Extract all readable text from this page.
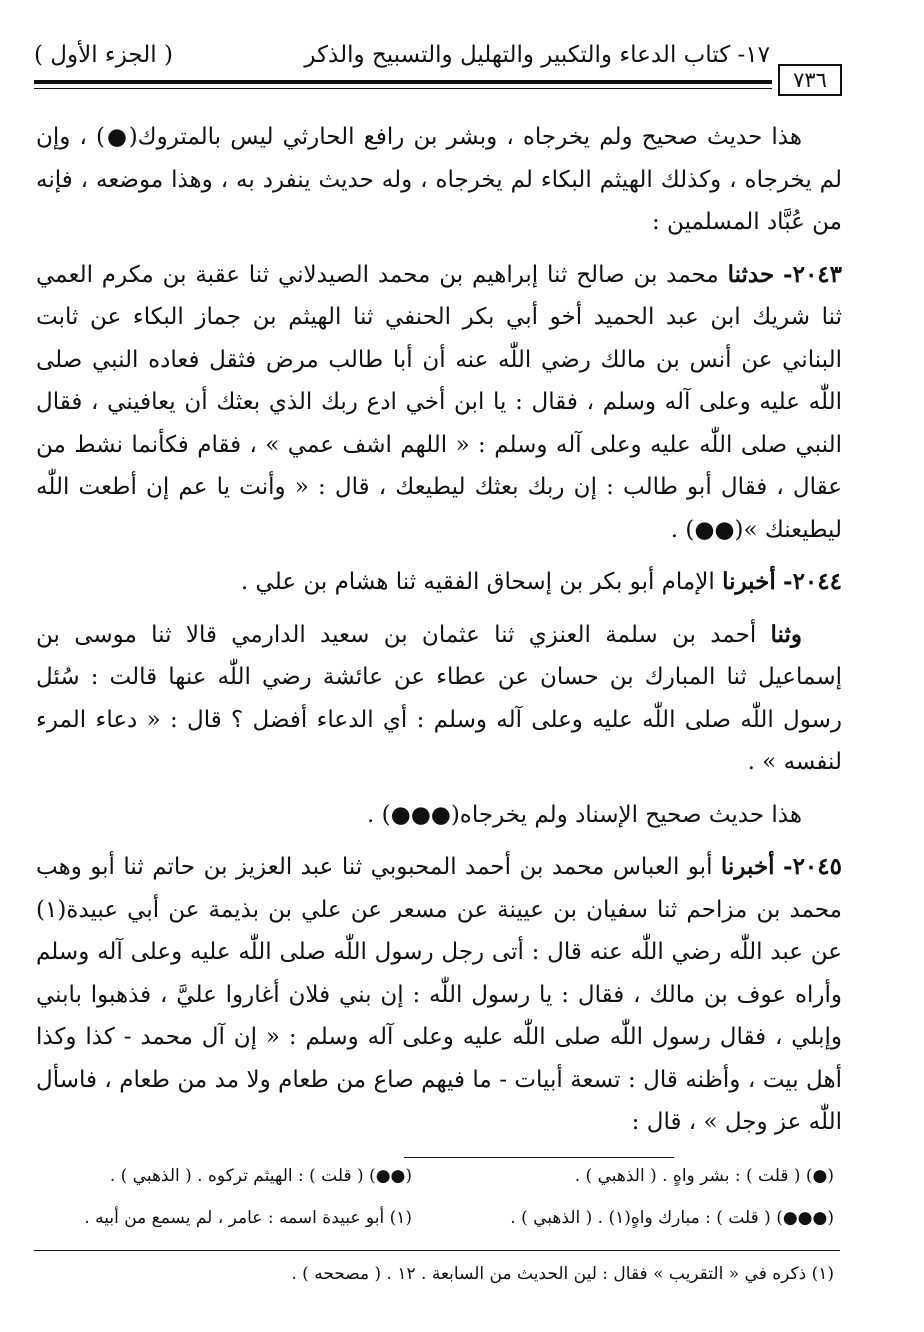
١٧- كتاب الدعاء والتكبير والتهليل والتسبيح والذكر
( الجزء الأول )
٧٣٦

هذا حديث صحيح ولم يخرجاه ، وبشر بن رافع الحارثي ليس بالمتروك(●) ، وإن لم يخرجاه ، وكذلك الهيثم البكاء لم يخرجاه ، وله حديث ينفرد به ، وهذا موضعه ، فإنه من عُبَّاد المسلمين :

٢٠٤٣- حدثنا محمد بن صالح ثنا إبراهيم بن محمد الصيدلاني ثنا عقبة بن مكرم العمي ثنا شريك ابن عبد الحميد أخو أبي بكر الحنفي ثنا الهيثم بن جماز البكاء عن ثابت البناني عن أنس بن مالك رضي اللّٰه عنه أن أبا طالب مرض فثقل فعاده النبي صلى اللّٰه عليه وعلى آله وسلم ، فقال : يا ابن أخي ادع ربك الذي بعثك أن يعافيني ، فقال النبي صلى اللّٰه عليه وعلى آله وسلم : « اللهم اشف عمي » ، فقام فكأنما نشط من عقال ، فقال أبو طالب : إن ربك بعثك ليطيعك ، قال : « وأنت يا عم إن أطعت اللّٰه ليطيعنك »(●●) .

٢٠٤٤- أخبرنا الإمام أبو بكر بن إسحاق الفقيه ثنا هشام بن علي .

وثنا أحمد بن سلمة العنزي ثنا عثمان بن سعيد الدارمي قالا ثنا موسى بن إسماعيل ثنا المبارك بن حسان عن عطاء عن عائشة رضي اللّٰه عنها قالت : سُئل رسول اللّٰه صلى اللّٰه عليه وعلى آله وسلم : أي الدعاء أفضل ؟ قال : « دعاء المرء لنفسه » .

هذا حديث صحيح الإسناد ولم يخرجاه(●●●) .

٢٠٤٥- أخبرنا أبو العباس محمد بن أحمد المحبوبي ثنا عبد العزيز بن حاتم ثنا أبو وهب محمد بن مزاحم ثنا سفيان بن عيينة عن مسعر عن علي بن بذيمة عن أبي عبيدة(١) عن عبد اللّٰه رضي اللّٰه عنه قال : أتى رجل رسول اللّٰه صلى اللّٰه عليه وعلى آله وسلم وأراه عوف بن مالك ، فقال : يا رسول اللّٰه : إن بني فلان أغاروا عليَّ ، فذهبوا بابني وإبلي ، فقال رسول اللّٰه صلى اللّٰه عليه وعلى آله وسلم : « إن آل محمد - كذا وكذا أهل بيت ، وأظنه قال : تسعة أبيات - ما فيهم صاع من طعام ولا مد من طعام ، فاسأل اللّٰه عز وجل » ، قال :

(●) ( قلت ) : بشر واهٍ . ( الذهبي ) .
(●●) ( قلت ) : الهيثم تركوه . ( الذهبي ) .
(●●●) ( قلت ) : مبارك واهٍ(١) . ( الذهبي ) .
(١) أبو عبيدة اسمه : عامر ، لم يسمع من أبيه .
(١) ذكره في « التقريب » فقال : لين الحديث من السابعة . ١٢ . ( مصححه ) .
